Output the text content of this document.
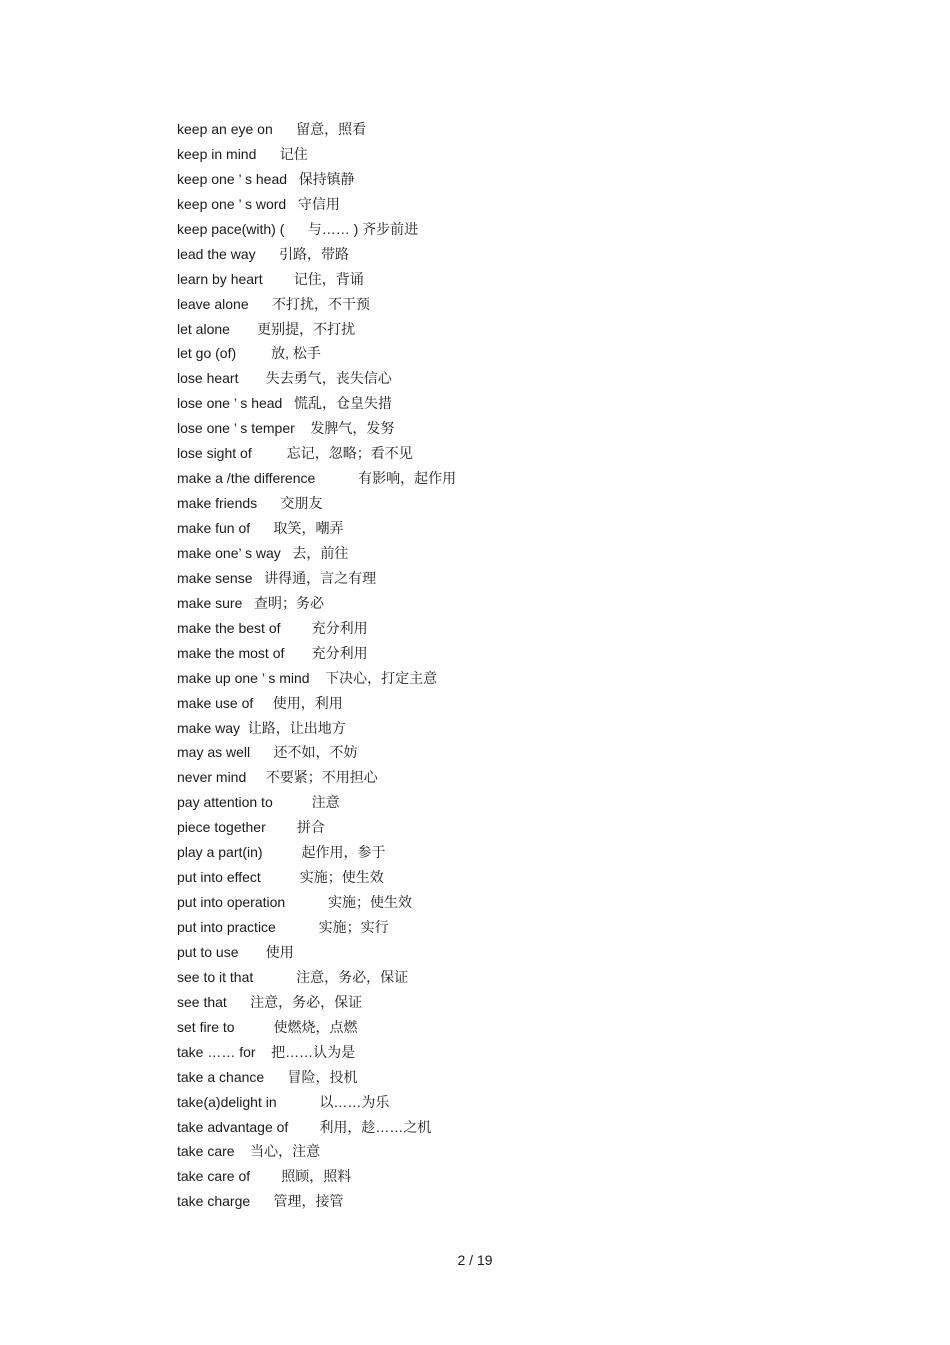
keep an eye on 留意，照看
keep in mind 记住
keep one ’ s head 保持镇静
keep one ’ s word 守信用
keep pace(with) ( 与…… ) 齐步前进
lead the way 引路，带路
learn by heart 记住，背诵
leave alone 不打扰，不干预
let alone 更别提，不打扰
let go (of)	放, 松手
lose heart 失去勇气，丧失信心
lose one ’ s head 慌乱，仓皇失措
lose one ’ s temper 发脾气，发努
lose sight of	忘记，忽略；看不见
make a /the difference	有影响，起作用
make friends 交朋友
make fun of 取笑，嘲弄
make one’ s way 去，前往
make sense 讲得通，言之有理
make sure 查明；务必
make the best of 充分利用
make the most of 充分利用
make up one ’ s mind 下决心，打定主意
make use of 使用，利用
make way 让路，让出地方
may as well 还不如，不妨
never mind 不要紧；不用担心
pay attention to	注意
piece together 拼合
play a part(in)	起作用，参于
put into effect	实施；使生效
put into operation	实施；使生效
put into practice	实施；实行
put to use 使用
see to it that	注意，务必，保证
see that 注意，务必，保证
set fire to	使燃烧，点燃
take …… for 把……认为是
take a chance 冒险，投机
take(a)delight in	以……为乐
take advantage of 利用，趁……之机
take care 当心，注意
take care of 照顾，照料
take charge 管理，接管
2 / 19
